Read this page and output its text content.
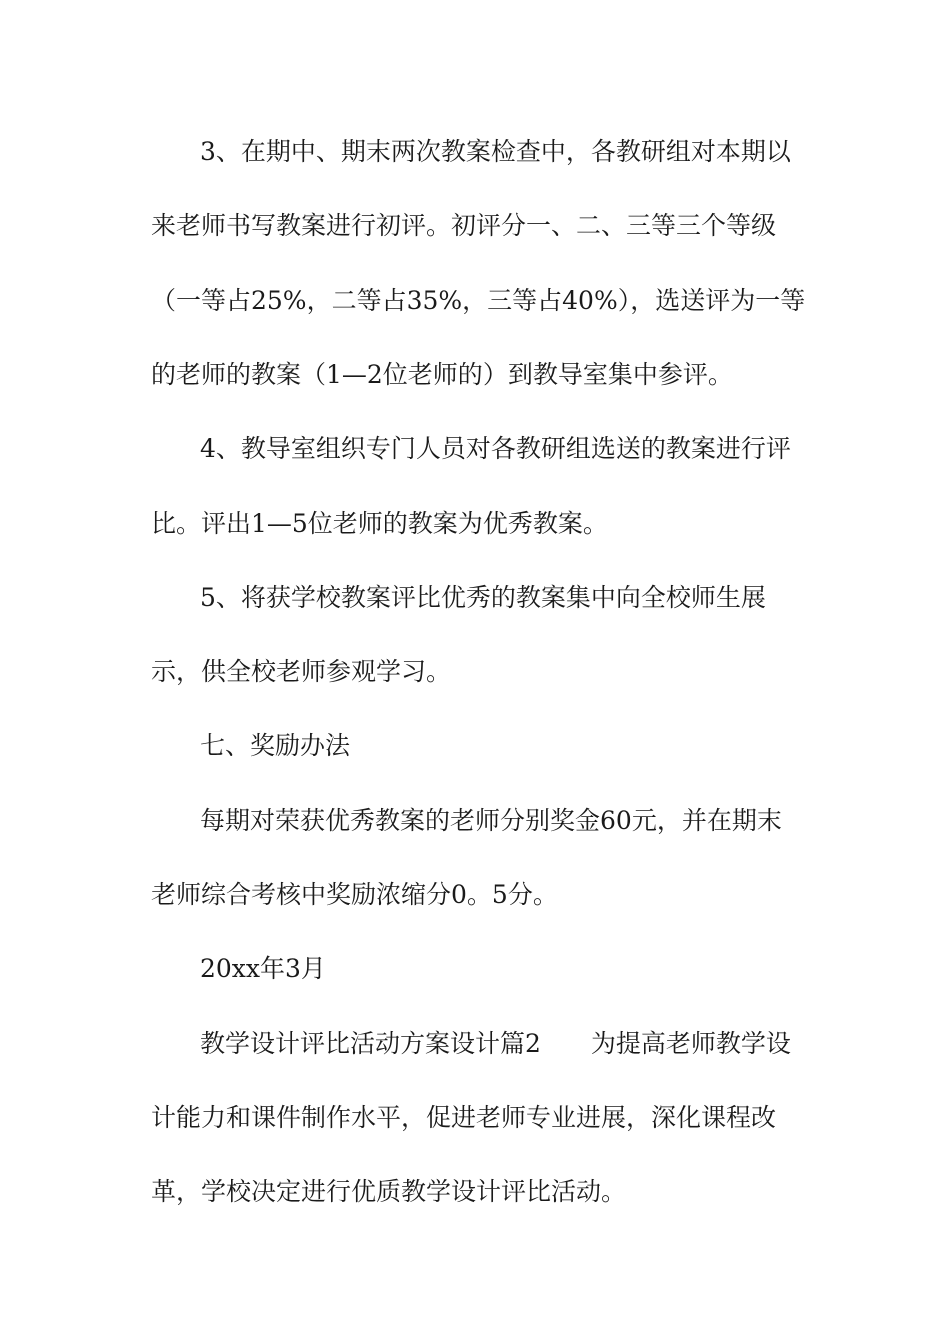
3、在期中、期末两次教案检查中，各教研组对本期以
来老师书写教案进行初评。初评分一、二、三等三个等级
（一等占25%，二等占35%，三等占40%），选送评为一等
的老师的教案（1—2位老师的）到教导室集中参评。
4、教导室组织专门人员对各教研组选送的教案进行评
比。评出1—5位老师的教案为优秀教案。
5、将获学校教案评比优秀的教案集中向全校师生展
示，供全校老师参观学习。
七、奖励办法
每期对荣获优秀教案的老师分别奖金60元，并在期末
老师综合考核中奖励浓缩分0。5分。
20xx年3月
教学设计评比活动方案设计篇2　　为提高老师教学设
计能力和课件制作水平，促进老师专业进展，深化课程改
革，学校决定进行优质教学设计评比活动。
